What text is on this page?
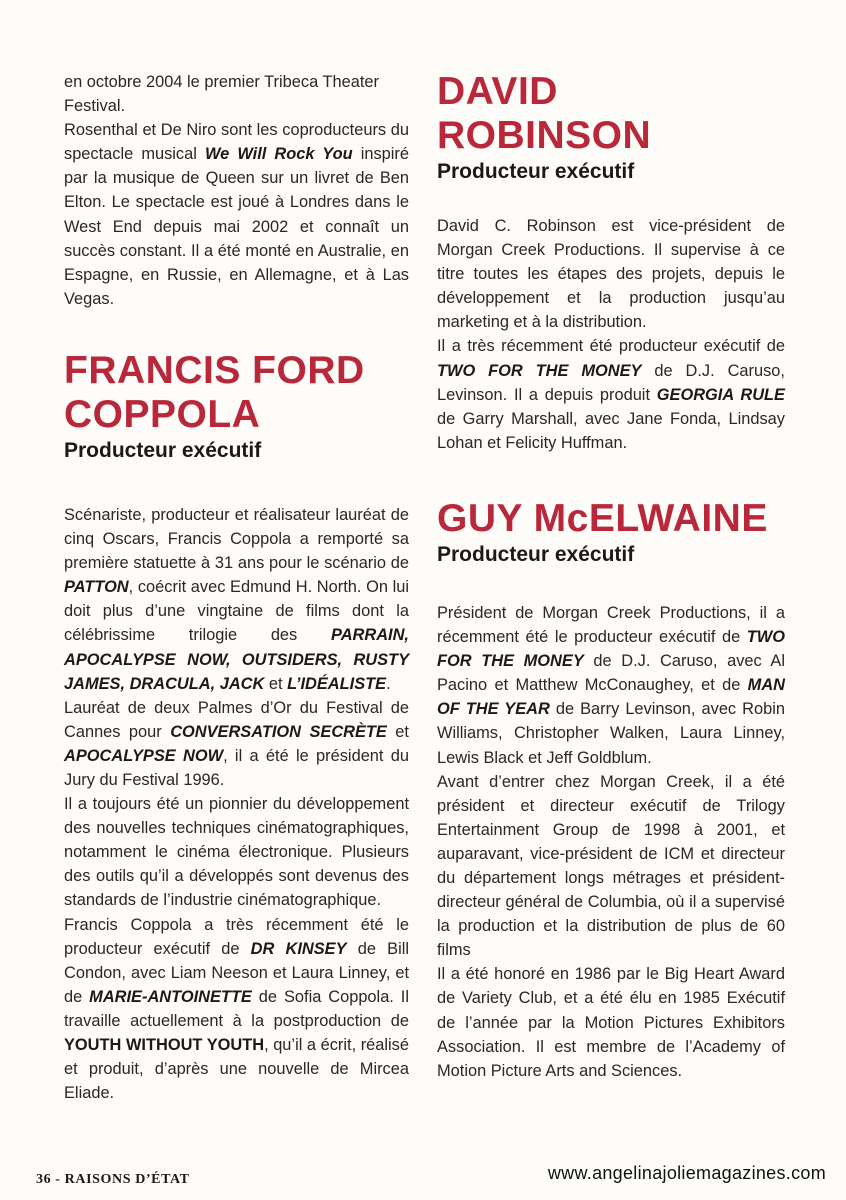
en octobre 2004 le premier Tribeca Theater Festival.

Rosenthal et De Niro sont les coproducteurs du spectacle musical We Will Rock You inspiré par la musique de Queen sur un livret de Ben Elton. Le spectacle est joué à Londres dans le West End depuis mai 2002 et connaît un succès constant. Il a été monté en Australie, en Espagne, en Russie, en Allemagne, et à Las Vegas.

FRANCIS FORD
COPPOLA
Producteur exécutif

Scénariste, producteur et réalisateur lauréat de cinq Oscars, Francis Coppola a remporté sa première statuette à 31 ans pour le scénario de PATTON, coécrit avec Edmund H. North. On lui doit plus d’une vingtaine de films dont la célébrissime trilogie des PARRAIN, APOCALYPSE NOW, OUTSIDERS, RUSTY JAMES, DRACULA, JACK et L’IDÉALISTE.

Lauréat de deux Palmes d’Or du Festival de Cannes pour CONVERSATION SECRÈTE et APOCALYPSE NOW, il a été le président du Jury du Festival 1996.

Il a toujours été un pionnier du développement des nouvelles techniques cinématographiques, notamment le cinéma électronique. Plusieurs des outils qu’il a développés sont devenus des standards de l’industrie cinématographique.

Francis Coppola a très récemment été le producteur exécutif de DR KINSEY de Bill Condon, avec Liam Neeson et Laura Linney, et de MARIE-ANTOINETTE de Sofia Coppola. Il travaille actuellement à la postproduction de YOUTH WITHOUT YOUTH, qu’il a écrit, réalisé et produit, d’après une nouvelle de Mircea Eliade.

DAVID
ROBINSON
Producteur exécutif

David C. Robinson est vice-président de Morgan Creek Productions. Il supervise à ce titre toutes les étapes des projets, depuis le développement et la production jusqu’au marketing et à la distribution.

Il a très récemment été producteur exécutif de TWO FOR THE MONEY de D.J. Caruso, Levinson. Il a depuis produit GEORGIA RULE de Garry Marshall, avec Jane Fonda, Lindsay Lohan et Felicity Huffman.

GUY McELWAINE
Producteur exécutif

Président de Morgan Creek Productions, il a récemment été le producteur exécutif de TWO FOR THE MONEY de D.J. Caruso, avec Al Pacino et Matthew McConaughey, et de MAN OF THE YEAR de Barry Levinson, avec Robin Williams, Christopher Walken, Laura Linney, Lewis Black et Jeff Goldblum.

Avant d’entrer chez Morgan Creek, il a été président et directeur exécutif de Trilogy Entertainment Group de 1998 à 2001, et auparavant, vice-président de ICM et directeur du département longs métrages et président-directeur général de Columbia, où il a supervisé la production et la distribution de plus de 60 films

Il a été honoré en 1986 par le Big Heart Award de Variety Club, et a été élu en 1985 Exécutif de l’année par la Motion Pictures Exhibitors Association. Il est membre de l’Academy of Motion Picture Arts and Sciences.

36 - RAISONS D’ÉTAT	www.angelinajoliemagazines.com
